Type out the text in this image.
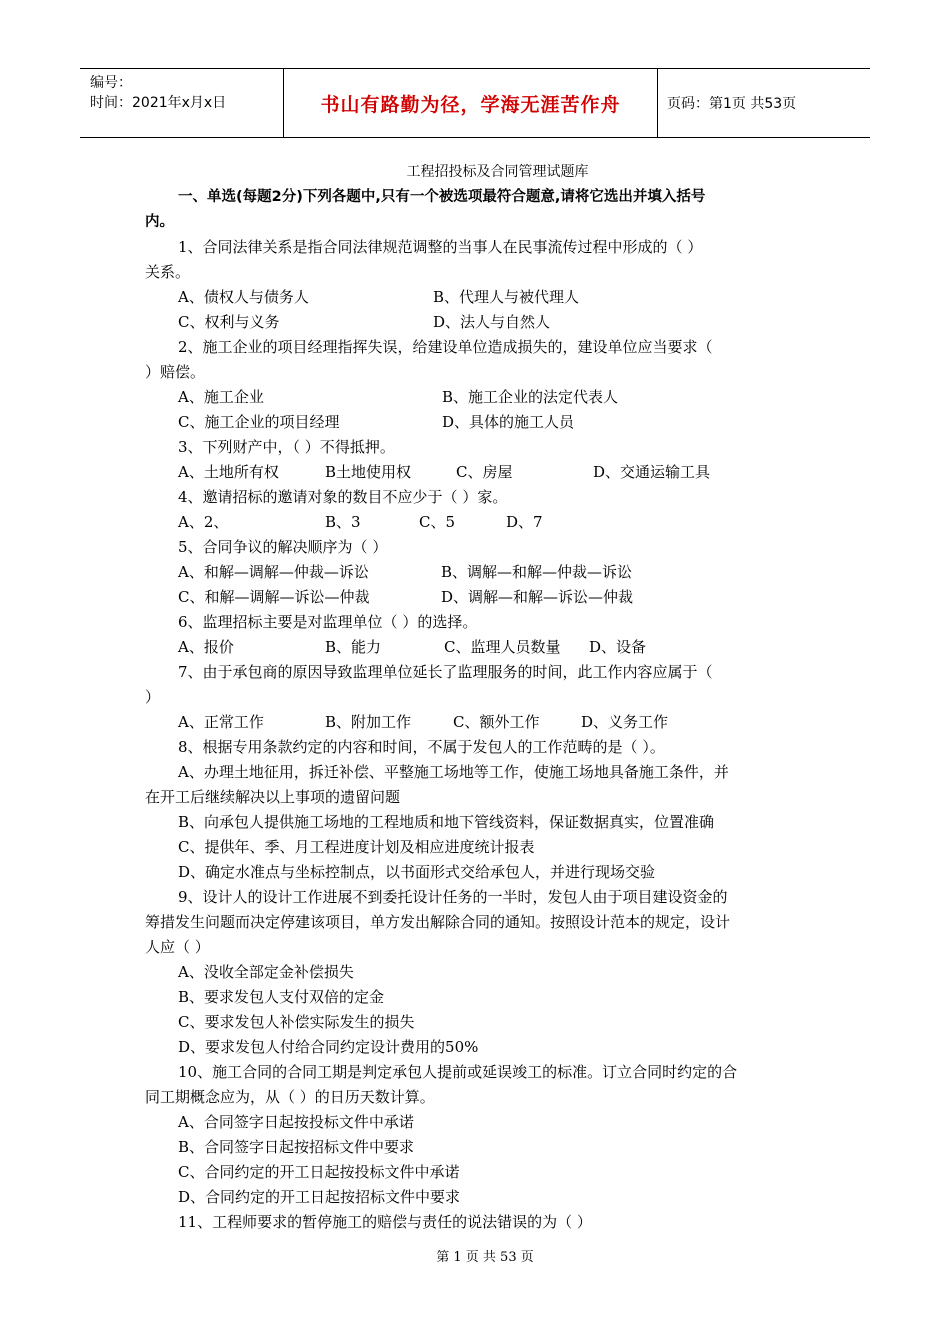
编号：
时间：2021年x月x日	书山有路勤为径，学海无涯苦作舟	页码：第1页 共53页
工程招投标及合同管理试题库
一、单选(每题2分)下列各题中,只有一个被选项最符合题意,请将它选出并填入括号
内。
1、合同法律关系是指合同法律规范调整的当事人在民事流传过程中形成的（ ）
关系。
A、债权人与债务人	B、代理人与被代理人
C、权利与义务	D、法人与自然人
2、施工企业的项目经理指挥失误，给建设单位造成损失的，建设单位应当要求（
）赔偿。
A、施工企业	B、施工企业的法定代表人
C、施工企业的项目经理	D、具体的施工人员
3、下列财产中，（ ）不得抵押。
A、土地所有权	B土地使用权	C、房屋	D、交通运输工具
4、邀请招标的邀请对象的数目不应少于（ ）家。
A、2、	B、3	C、5	D、7
5、合同争议的解决顺序为（ ）
A、和解—调解—仲裁—诉讼	B、调解—和解—仲裁—诉讼
C、和解—调解—诉讼—仲裁	D、调解—和解—诉讼—仲裁
6、监理招标主要是对监理单位（ ）的选择。
A、报价	B、能力	C、监理人员数量 D、设备
7、由于承包商的原因导致监理单位延长了监理服务的时间，此工作内容应属于（
）
A、正常工作	B、附加工作	C、额外工作	D、义务工作
8、根据专用条款约定的内容和时间，不属于发包人的工作范畴的是（ ）。
A、办理土地征用，拆迁补偿、平整施工场地等工作，使施工场地具备施工条件，并
在开工后继续解决以上事项的遗留问题
B、向承包人提供施工场地的工程地质和地下管线资料，保证数据真实，位置准确
C、提供年、季、月工程进度计划及相应进度统计报表
D、确定水准点与坐标控制点，以书面形式交给承包人，并进行现场交验
9、设计人的设计工作进展不到委托设计任务的一半时，发包人由于项目建设资金的
筹措发生问题而决定停建该项目，单方发出解除合同的通知。按照设计范本的规定，设计
人应（ ）
A、没收全部定金补偿损失
B、要求发包人支付双倍的定金
C、要求发包人补偿实际发生的损失
D、要求发包人付给合同约定设计费用的50%
10、施工合同的合同工期是判定承包人提前或延误竣工的标准。订立合同时约定的合
同工期概念应为，从（ ）的日历天数计算。
A、合同签字日起按投标文件中承诺
B、合同签字日起按招标文件中要求
C、合同约定的开工日起按投标文件中承诺
D、合同约定的开工日起按招标文件中要求
11、工程师要求的暂停施工的赔偿与责任的说法错误的为（ ）
第 1 页 共 53 页
